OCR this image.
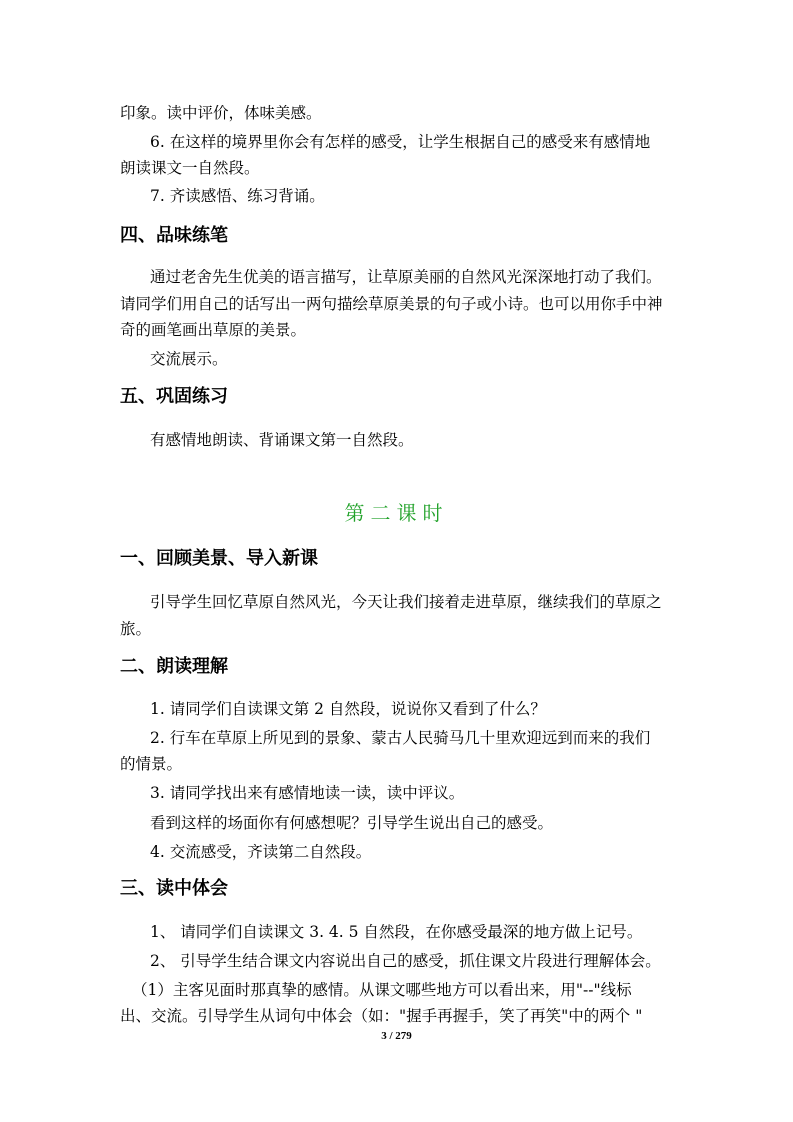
印象。读中评价，体味美感。
6. 在这样的境界里你会有怎样的感受，让学生根据自己的感受来有感情地
朗读课文一自然段。
7. 齐读感悟、练习背诵。
四、品味练笔
通过老舍先生优美的语言描写，让草原美丽的自然风光深深地打动了我们。
请同学们用自己的话写出一两句描绘草原美景的句子或小诗。也可以用你手中神
奇的画笔画出草原的美景。
交流展示。
五、巩固练习
有感情地朗读、背诵课文第一自然段。
第二课时
一、回顾美景、导入新课
引导学生回忆草原自然风光，今天让我们接着走进草原，继续我们的草原之
旅。
二、朗读理解
1. 请同学们自读课文第 2 自然段，说说你又看到了什么？
2. 行车在草原上所见到的景象、蒙古人民骑马几十里欢迎远到而来的我们
的情景。
3. 请同学找出来有感情地读一读，读中评议。
看到这样的场面你有何感想呢？引导学生说出自己的感受。
4. 交流感受，齐读第二自然段。
三、读中体会
1、 请同学们自读课文 3. 4. 5 自然段，在你感受最深的地方做上记号。
2、 引导学生结合课文内容说出自己的感受，抓住课文片段进行理解体会。
（1）主客见面时那真挚的感情。从课文哪些地方可以看出来，用"--"线标
出、交流。引导学生从词句中体会（如："握手再握手，笑了再笑"中的两个 "
3 / 279
